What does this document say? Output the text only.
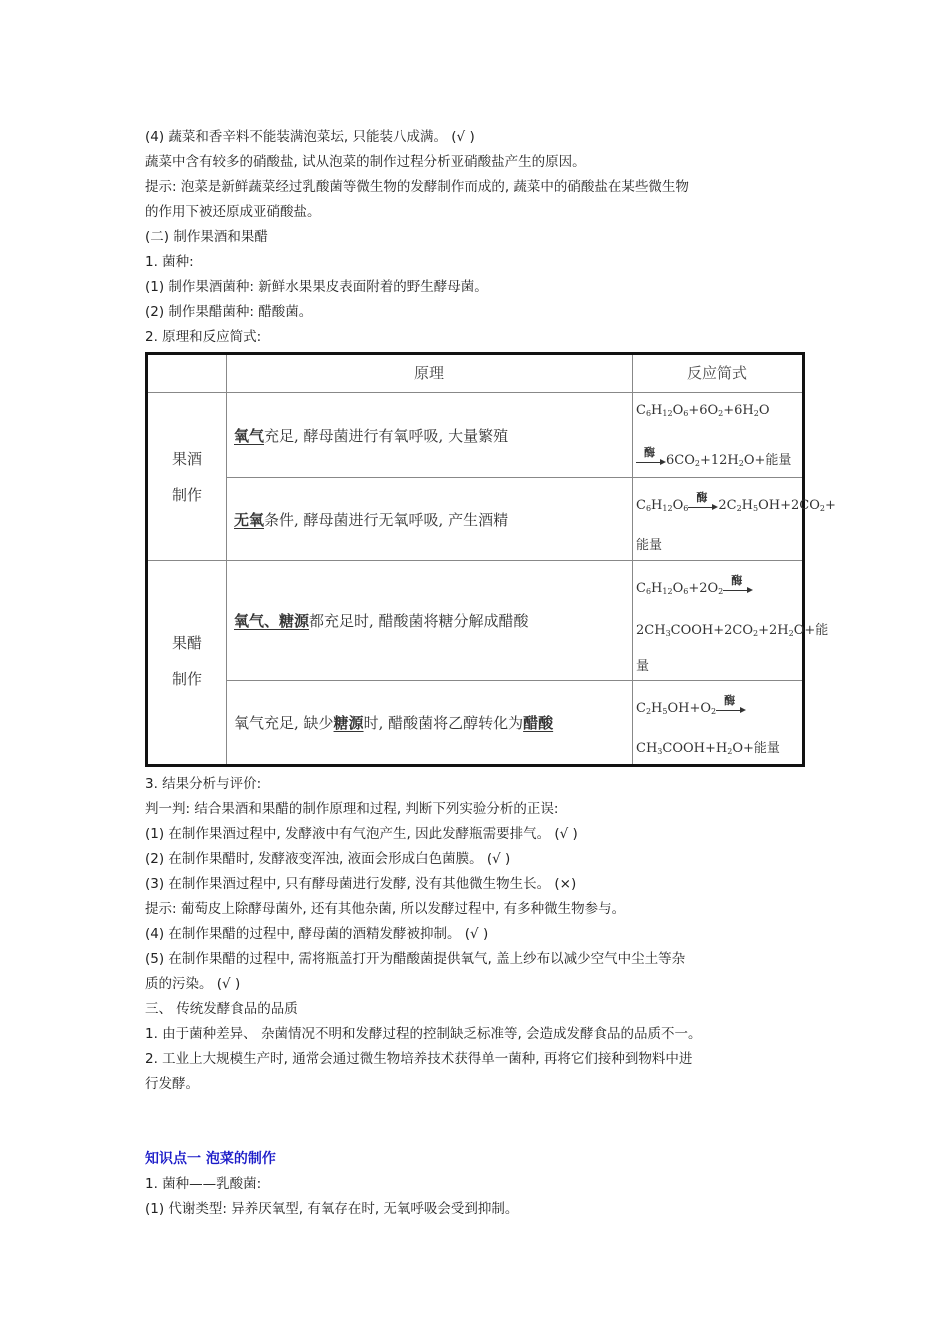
(4) 蔬菜和香辛料不能装满泡菜坛, 只能装八成满。 (√ )
蔬菜中含有较多的硝酸盐, 试从泡菜的制作过程分析亚硝酸盐产生的原因。
提示: 泡菜是新鲜蔬菜经过乳酸菌等微生物的发酵制作而成的, 蔬菜中的硝酸盐在某些微生物
的作用下被还原成亚硝酸盐。
(二) 制作果酒和果醋
1. 菌种:
(1) 制作果酒菌种: 新鲜水果果皮表面附着的野生酵母菌。
(2) 制作果醋菌种: 醋酸菌。
2. 原理和反应简式:
原理	反应简式
果酒
制作
果醋
制作
氧气 充足, 酵母菌进行有氧呼吸, 大量繁殖
$C_6H_{12}O_6+6O_2+6H_2O$
酶
$6CO_2+12H_2O+$能量
无氧 条件, 酵母菌进行无氧呼吸, 产生酒精
$C_6H_{12}O_6$
酶
$2C_2H_5OH+2CO_2+$
能量
氧气、糖源 都充足时, 醋酸菌将糖分解成醋酸
$C_6H_{12}O_6+2O_2$
酶
$2CH_3COOH+2CO_2+2H_2O+$能
量
氧气充足, 缺少 糖源 时, 醋酸菌将乙醇转化为 醋酸
$C_2H_5OH+O_2$
酶
$CH_3COOH+H_2O+$能量
3. 结果分析与评价:
判一判: 结合果酒和果醋的制作原理和过程, 判断下列实验分析的正误:
(1) 在制作果酒过程中, 发酵液中有气泡产生, 因此发酵瓶需要排气。 (√ )
(2) 在制作果醋时, 发酵液变浑浊, 液面会形成白色菌膜。 (√ )
(3) 在制作果酒过程中, 只有酵母菌进行发酵, 没有其他微生物生长。 (×)
提示: 葡萄皮上除酵母菌外, 还有其他杂菌, 所以发酵过程中, 有多种微生物参与。
(4) 在制作果醋的过程中, 酵母菌的酒精发酵被抑制。 (√ )
(5) 在制作果醋的过程中, 需将瓶盖打开为醋酸菌提供氧气, 盖上纱布以减少空气中尘土等杂
质的污染。 (√ )
三、 传统发酵食品的品质
1. 由于菌种差异、 杂菌情况不明和发酵过程的控制缺乏标准等, 会造成发酵食品的品质不一。
2. 工业上大规模生产时, 通常会通过微生物培养技术获得单一菌种, 再将它们接种到物料中进
行发酵。
知识点一 泡菜的制作
1. 菌种——乳酸菌:
(1) 代谢类型: 异养厌氧型, 有氧存在时, 无氧呼吸会受到抑制。
